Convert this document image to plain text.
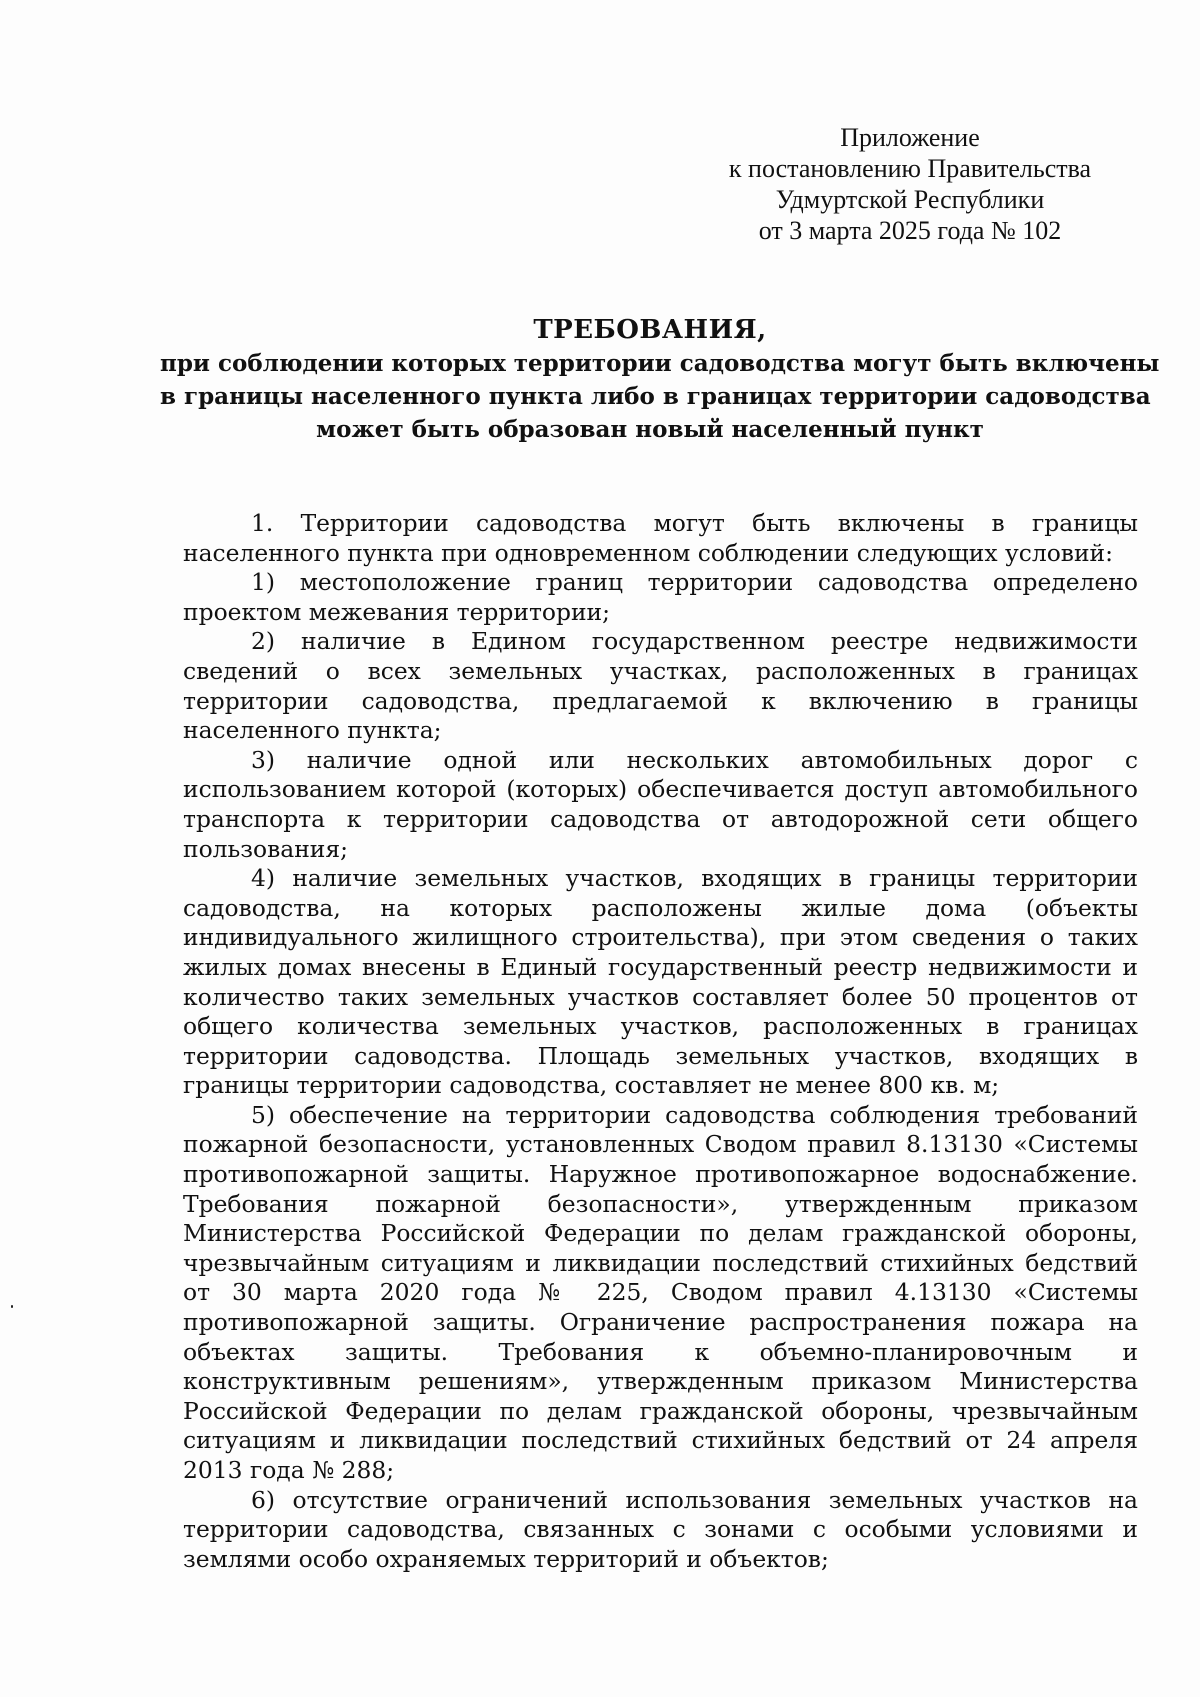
Приложение
к постановлению Правительства
Удмуртской Республики
от 3 марта 2025 года № 102
ТРЕБОВАНИЯ,
при соблюдении которых территории садоводства могут быть включены
в границы населенного пункта либо в границах территории садоводства
может быть образован новый населенный пункт

1. Территории садоводства могут быть включены в границы населенного пункта при одновременном соблюдении следующих условий:

1) местоположение границ территории садоводства определено проектом межевания территории;

2) наличие в Едином государственном реестре недвижимости сведений о всех земельных участках, расположенных в границах территории садоводства, предлагаемой к включению в границы населенного пункта;

3) наличие одной или нескольких автомобильных дорог с использованием которой (которых) обеспечивается доступ автомобильного транспорта к территории садоводства от автодорожной сети общего пользования;

4) наличие земельных участков, входящих в границы территории садоводства, на которых расположены жилые дома (объекты индивидуального жилищного строительства), при этом сведения о таких жилых домах внесены в Единый государственный реестр недвижимости и количество таких земельных участков составляет более 50 процентов от общего количества земельных участков, расположенных в границах территории садоводства. Площадь земельных участков, входящих в границы территории садоводства, составляет не менее 800 кв. м;

5) обеспечение на территории садоводства соблюдения требований пожарной безопасности, установленных Сводом правил 8.13130 «Системы противопожарной защиты. Наружное противопожарное водоснабжение. Требования пожарной безопасности», утвержденным приказом Министерства Российской Федерации по делам гражданской обороны, чрезвычайным ситуациям и ликвидации последствий стихийных бедствий от 30 марта 2020 года № 225, Сводом правил 4.13130 «Системы противопожарной защиты. Ограничение распространения пожара на объектах защиты. Требования к объемно-планировочным и конструктивным решениям», утвержденным приказом Министерства Российской Федерации по делам гражданской обороны, чрезвычайным ситуациям и ликвидации последствий стихийных бедствий от 24 апреля 2013 года № 288;

6) отсутствие ограничений использования земельных участков на территории садоводства, связанных с зонами с особыми условиями и землями особо охраняемых территорий и объектов;
